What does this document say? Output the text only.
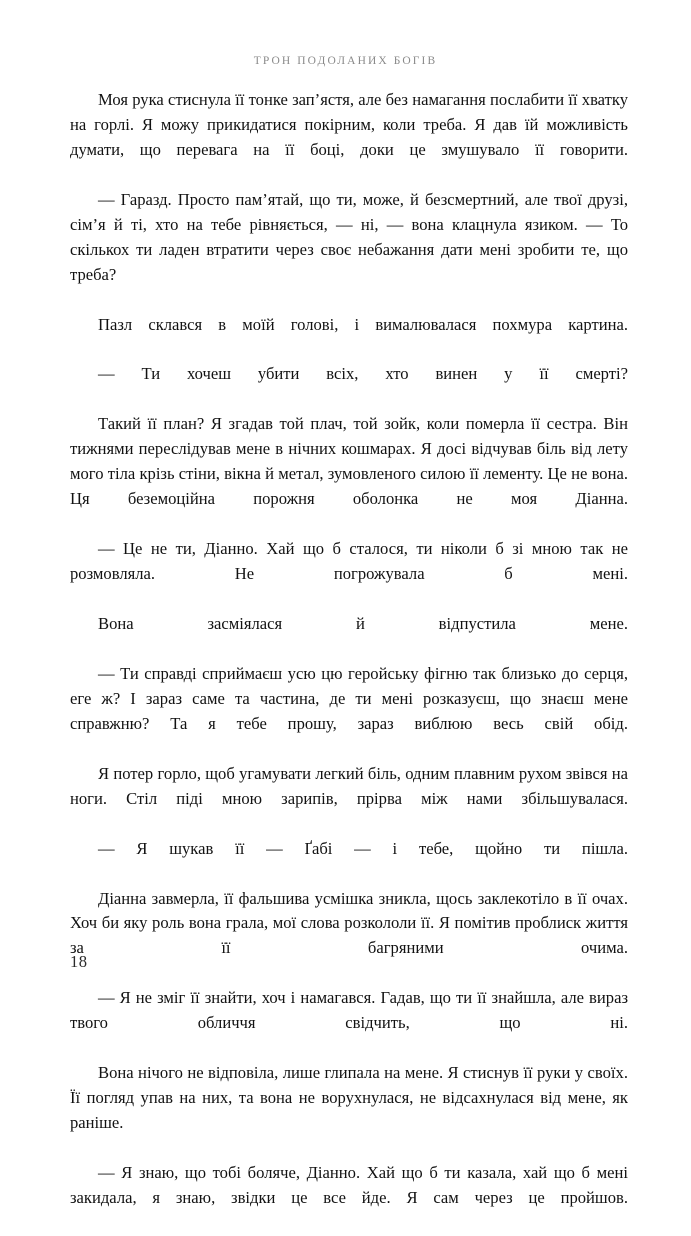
ТРОН ПОДОЛАНИХ БОГІВ

Моя рука стиснула її тонке зап’ястя, але без намагання послабити її хватку на горлі. Я можу прикидатися покірним, коли треба. Я дав їй можливість думати, що перевага на її боці, доки це змушувало її говорити.

— Гаразд. Просто пам’ятай, що ти, може, й безсмертний, але твої друзі, сім’я й ті, хто на тебе рівняється, — ні, — вона клацнула язиком. — То скількох ти ладен втратити через своє небажання дати мені зробити те, що треба?

Пазл склався в моїй голові, і вималювалася похмура картина.

— Ти хочеш убити всіх, хто винен у її смерті?

Такий її план? Я згадав той плач, той зойк, коли померла її сестра. Він тижнями переслідував мене в нічних кошмарах. Я досі відчував біль від лету мого тіла крізь стіни, вікна й метал, зумовленого силою її лементу. Це не вона. Ця беземоційна порожня оболонка не моя Діанна.

— Це не ти, Діанно. Хай що б сталося, ти ніколи б зі мною так не розмовляла. Не погрожувала б мені.

Вона засміялася й відпустила мене.

— Ти справді сприймаєш усю цю геройську фігню так близько до серця, еге ж? І зараз саме та частина, де ти мені розказуєш, що знаєш мене справжню? Та я тебе прошу, зараз виблюю весь свій обід.

Я потер горло, щоб угамувати легкий біль, одним плавним рухом звівся на ноги. Стіл піді мною зарипів, прірва між нами збільшувалася.

— Я шукав її — Ґабі — і тебе, щойно ти пішла.

Діанна завмерла, її фальшива усмішка зникла, щось заклекотіло в її очах. Хоч би яку роль вона грала, мої слова розкололи її. Я помітив проблиск життя за її багряними очима.

— Я не зміг її знайти, хоч і намагався. Гадав, що ти її знайшла, але вираз твого обличчя свідчить, що ні.

Вона нічого не відповіла, лише глипала на мене. Я стиснув її руки у своїх. Її погляд упав на них, та вона не ворухнулася, не відсахнулася від мене, як раніше.

— Я знаю, що тобі боляче, Діанно. Хай що б ти казала, хай що б мені закидала, я знаю, звідки це все йде. Я сам через це пройшов.

18
